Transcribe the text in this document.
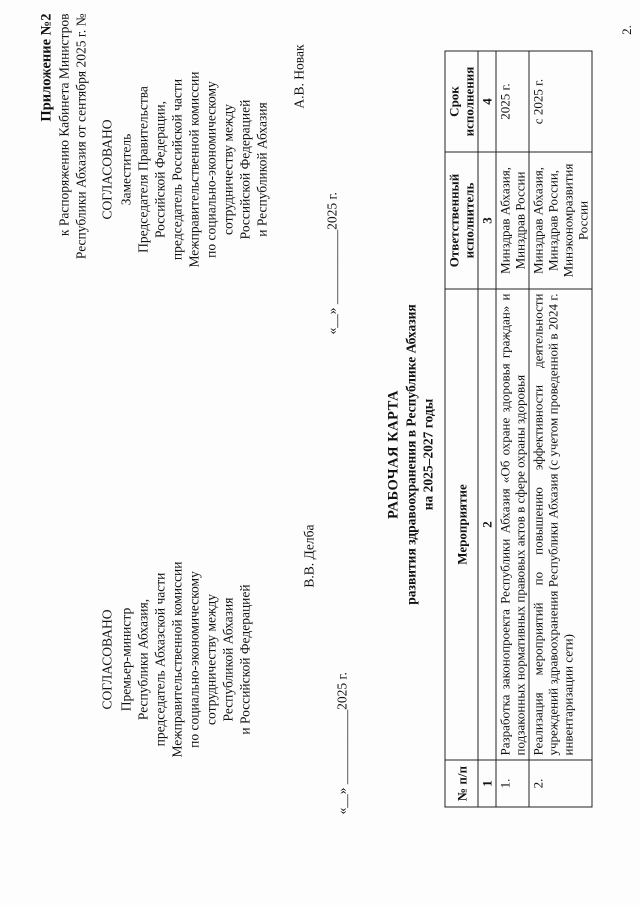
2.
Приложение №2 к Распоряжению Кабинета Министров Республики Абхазия от сентября 2025 г. №
СОГЛАСОВАНО Премьер-министр Республики Абхазия, председатель Абхазской части Межправительственной комиссии по социально-экономическому сотрудничеству между Республикой Абхазия и Российской Федерацией
В.В. Делба
«__» ___________2025 г.
СОГЛАСОВАНО Заместитель Председателя Правительства Российской Федерации, председатель Российской части Межправительственной комиссии по социально-экономическому сотрудничеству между Российской Федерацией и Республикой Абхазия
А.В. Новак
«__» ___________2025 г.
РАБОЧАЯ КАРТА развития здравоохранения в Республике Абхазия на 2025–2027 годы
№ п/п	Мероприятие	Ответственный исполнитель	Срок исполнения
1	2	3	4
1.	Разработка законопроекта Республики Абхазия «Об охране здоровья граждан» и подзаконных нормативных правовых актов в сфере охраны здоровья	Минздрав Абхазия, Минздрав России	2025 г.
2.	Реализация мероприятий по повышению эффективности деятельности учреждений здравоохранения Республики Абхазия (с учетом проведенной в 2024 г. инвентаризации сети)	Минздрав Абхазия, Минздрав России, Минэкономразвития России	с 2025 г.
